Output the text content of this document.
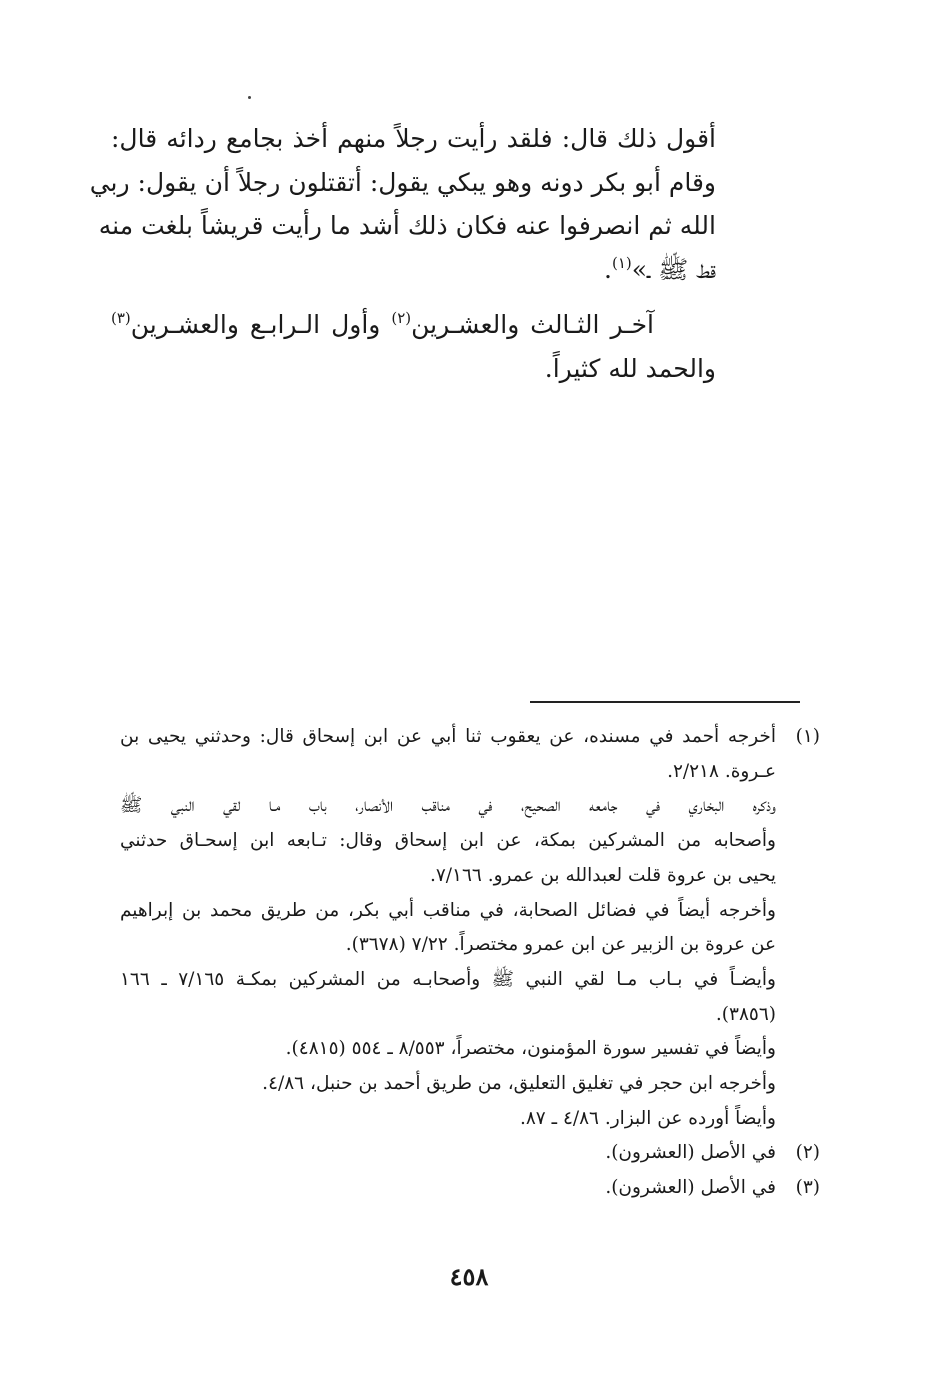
أقول ذلك قال: فلقد رأيت رجلاً منهم أخذ بجامع ردائه قال:
وقام أبو بكر دونه وهو يبكي يقول: أتقتلون رجلاً أن يقول: ربي
الله ثم انصرفوا عنه فكان ذلك أشد ما رأيت قريشاً بلغت منه
قط ﷺ ـ»$^{(١)}$.

آخـر الثـالث والعشـرين$^{(٢)}$ وأول الـرابـع والعشـرين$^{(٣)}$
والحمد لله كثيراً.

(١)
أخرجه أحمد في مسنده، عن يعقوب ثنا أبي عن ابن إسحاق قال: وحدثني يحيى بن
عـروة. ٢/٢١٨.
وذكره البخاري في جامعه الصحيح، في مناقب الأنصار، باب مـا لقي النبي ﷺ
وأصحابه من المشركين بمكة، عن ابن إسحاق وقال: تـابعه ابن إسحـاق حدثني
يحيى بن عروة قلت لعبدالله بن عمرو. ٧/١٦٦.
وأخرجه أيضاً في فضائل الصحابة، في مناقب أبي بكر، من طريق محمد بن إبراهيم
عن عروة بن الزبير عن ابن عمرو مختصراً. ٧/٢٢ (٣٦٧٨).
وأيضـاً في بـاب مـا لقي النبي ﷺ وأصحابـه من المشركين بمكـة ٧/١٦٥ ـ ١٦٦
(٣٨٥٦).
وأيضاً في تفسير سورة المؤمنون، مختصراً، ٨/٥٥٣ ـ ٥٥٤ (٤٨١٥).
وأخرجه ابن حجر في تغليق التعليق، من طريق أحمد بن حنبل، ٤/٨٦.
وأيضاً أورده عن البزار. ٤/٨٦ ـ ٨٧.
(٢)
في الأصل (العشرون).
(٣)
في الأصل (العشرون).
٤٥٨
